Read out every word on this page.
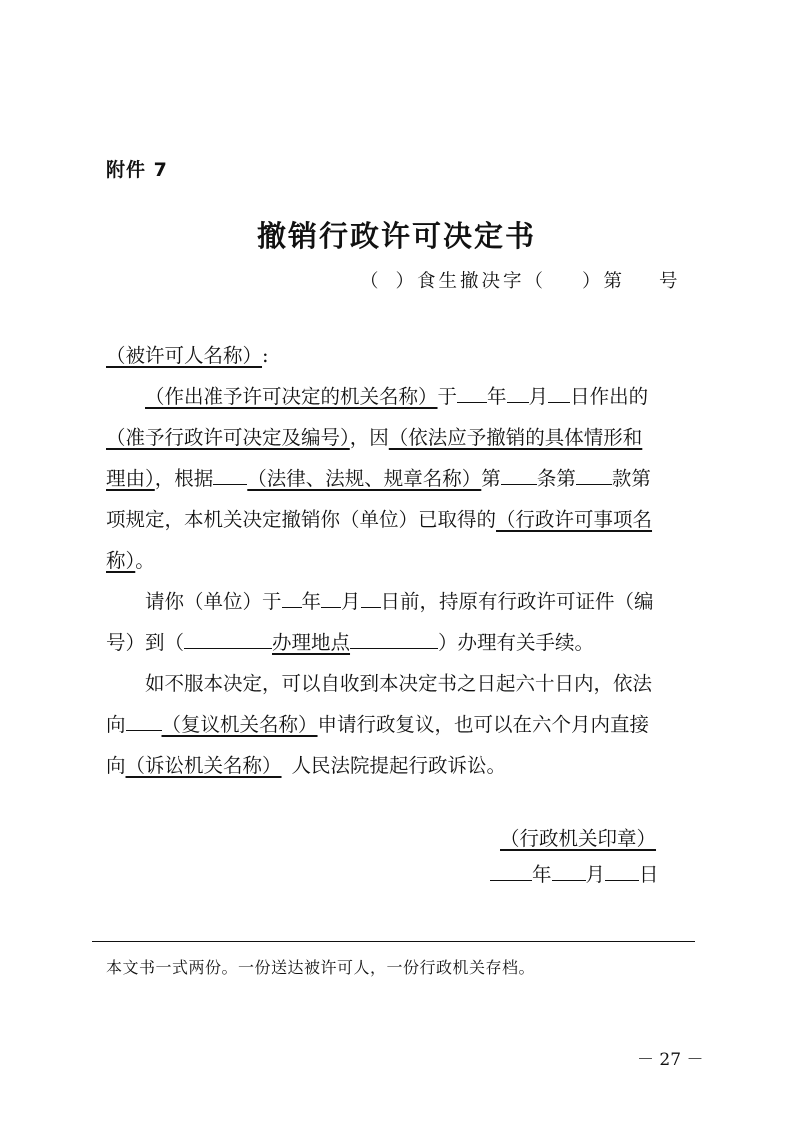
附件 7
撤销行政许可决定书
（ ）食生撤决字（ ）第 号
（被许可人名称）:
（作出准予许可决定的机关名称）于 年 月 日作出的
（准予行政许可决定及编号），因（依法应予撤销的具体情形和
理由），根据 （法律、法规、规章名称）第 条第 款第
项规定，本机关决定撤销你（单位）已取得的（行政许可事项名
称）。
请你（单位）于 年 月 日前，持原有行政许可证件（编
号）到（	办理地点	）办理有关手续。
如不服本决定，可以自收到本决定书之日起六十日内，依法
向 （复议机关名称）申请行政复议，也可以在六个月内直接
向（诉讼机关名称） 人民法院提起行政诉讼。
（行政机关印章）
年 月 日
本文书一式两份。一份送达被许可人，一份行政机关存档。
－ 27 －
